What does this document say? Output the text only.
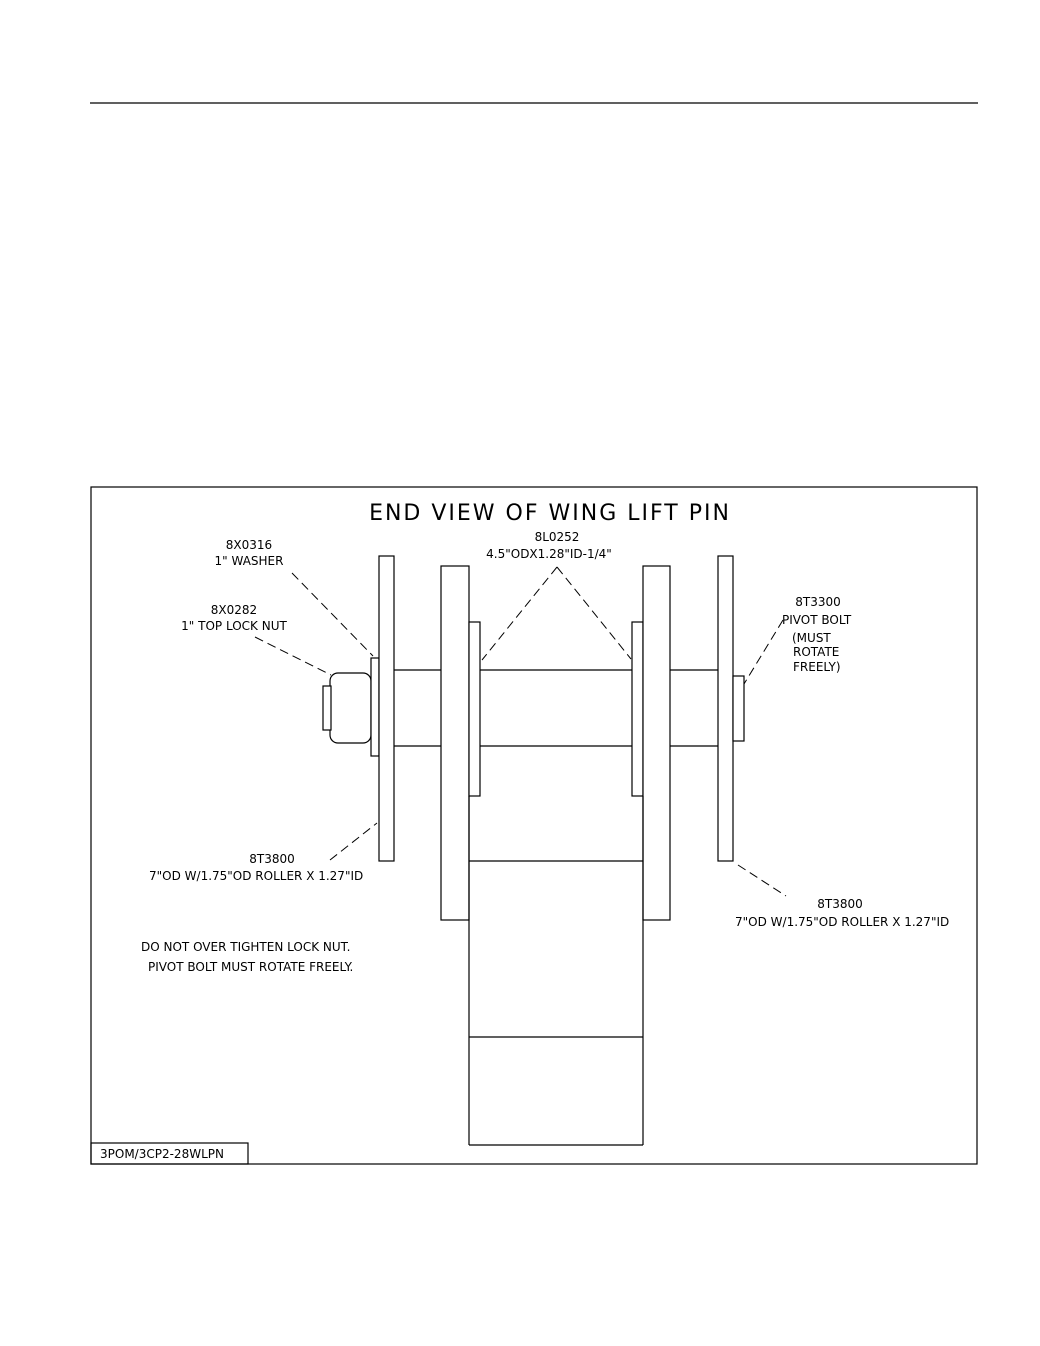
END VIEW OF WING LIFT PIN
3POM/3CP2-28WLPN
8X0316
1" WASHER
8X0282
1" TOP LOCK NUT
8L0252
4.5"ODX1.28"ID-1/4"
8T3300
PIVOT BOLT
(MUST
ROTATE
FREELY)
8T3800
7"OD W/1.75"OD ROLLER X 1.27"ID
8T3800
7"OD W/1.75"OD ROLLER X 1.27"ID
DO NOT OVER TIGHTEN LOCK NUT.
PIVOT BOLT MUST ROTATE FREELY.
